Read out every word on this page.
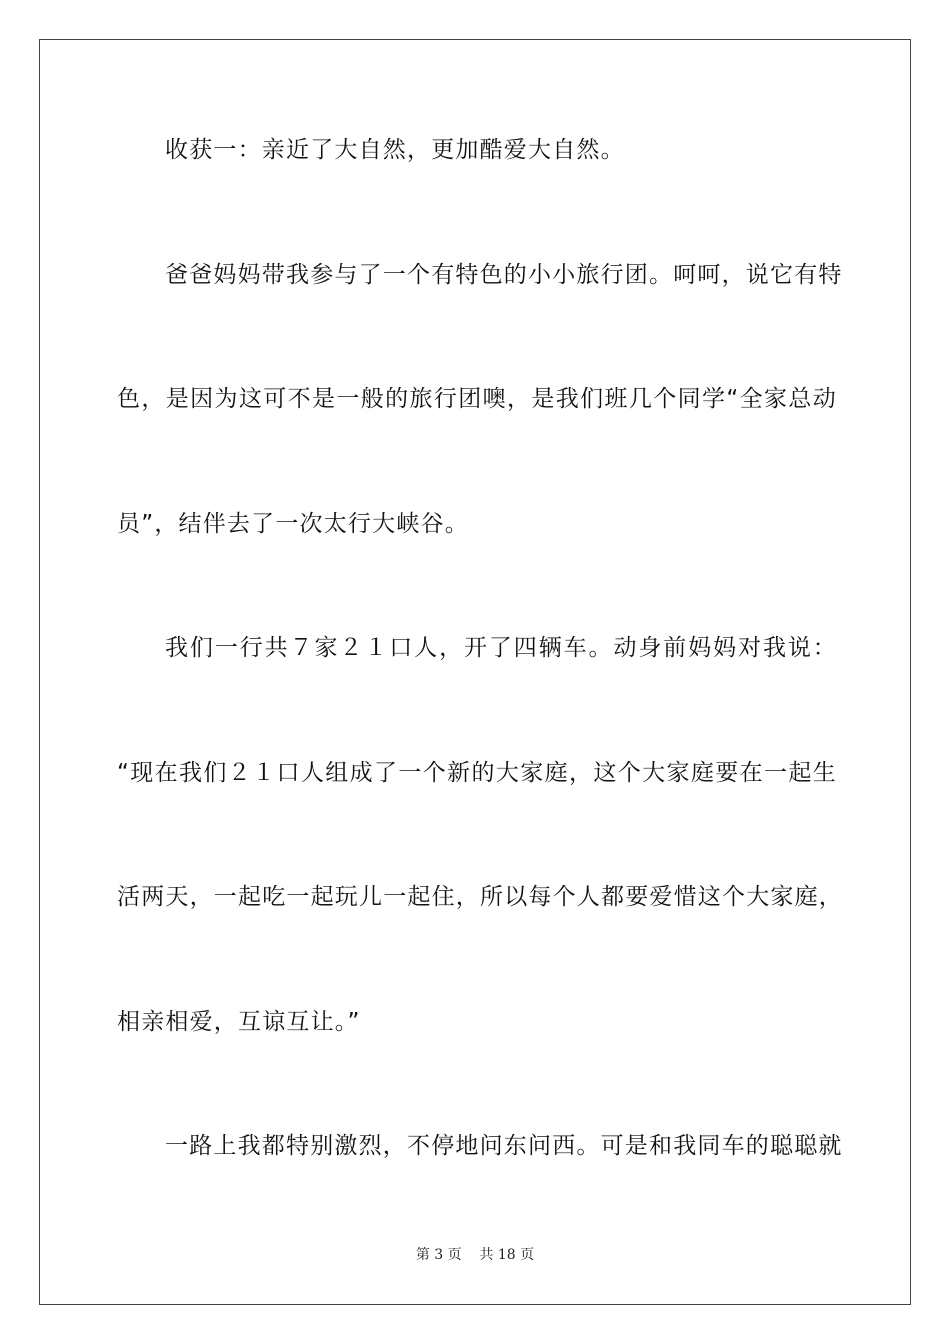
收获一：亲近了大自然，更加酷爱大自然。
爸爸妈妈带我参与了一个有特色的小小旅行团。呵呵，说它有特
色，是因为这可不是一般的旅行团噢，是我们班几个同学“全家总动
员”，结伴去了一次太行大峡谷。
我们一行共７家２１口人，开了四辆车。动身前妈妈对我说：
“现在我们２１口人组成了一个新的大家庭，这个大家庭要在一起生
活两天，一起吃一起玩儿一起住，所以每个人都要爱惜这个大家庭，
相亲相爱，互谅互让。”
一路上我都特别激烈，不停地问东问西。可是和我同车的聪聪就
第 3 页    共 18 页
